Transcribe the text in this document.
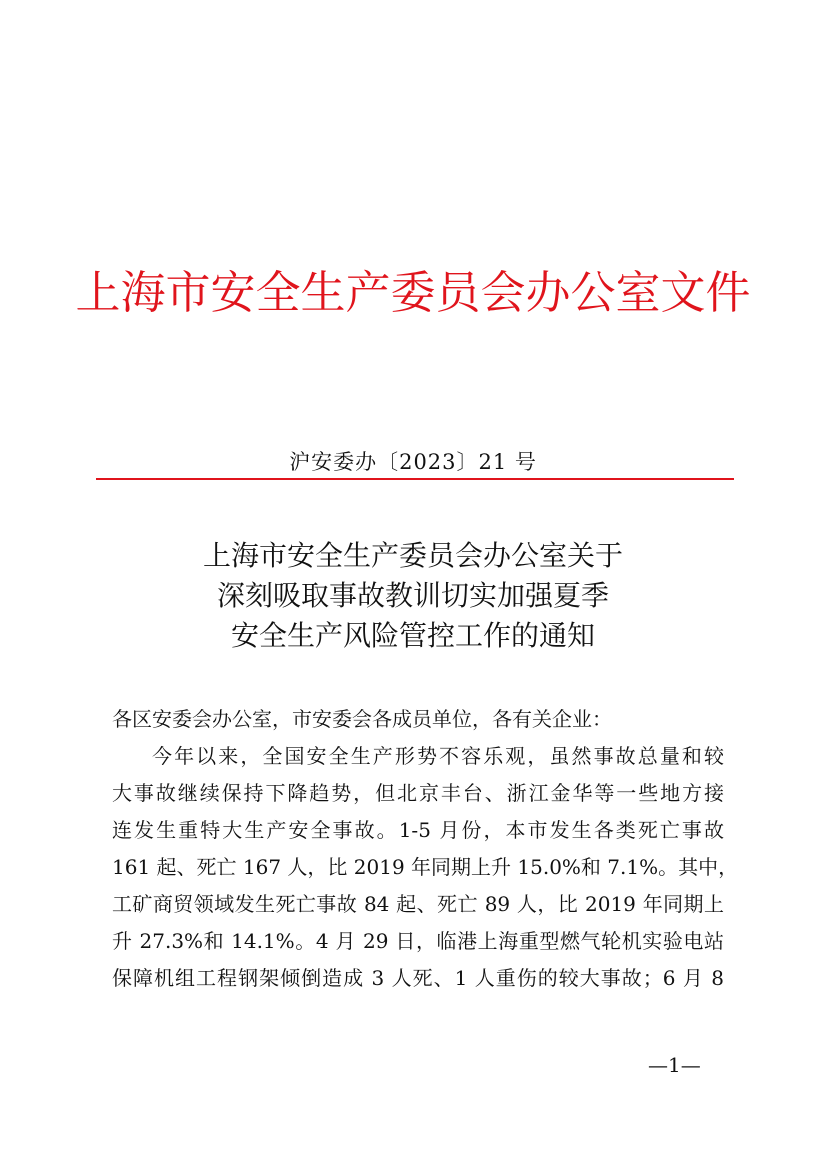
上海市安全生产委员会办公室文件
沪安委办〔2023〕21 号
上海市安全生产委员会办公室关于
深刻吸取事故教训切实加强夏季
安全生产风险管控工作的通知
各区安委会办公室，市安委会各成员单位，各有关企业：
今年以来，全国安全生产形势不容乐观，虽然事故总量和较
大事故继续保持下降趋势，但北京丰台、浙江金华等一些地方接
连发生重特大生产安全事故。1-5 月份，本市发生各类死亡事故
161 起、死亡 167 人，比 2019 年同期上升 15.0%和 7.1%。其中，
工矿商贸领域发生死亡事故 84 起、死亡 89 人，比 2019 年同期上
升 27.3%和 14.1%。4 月 29 日，临港上海重型燃气轮机实验电站
保障机组工程钢架倾倒造成 3 人死、1 人重伤的较大事故；6 月 8
—1—
